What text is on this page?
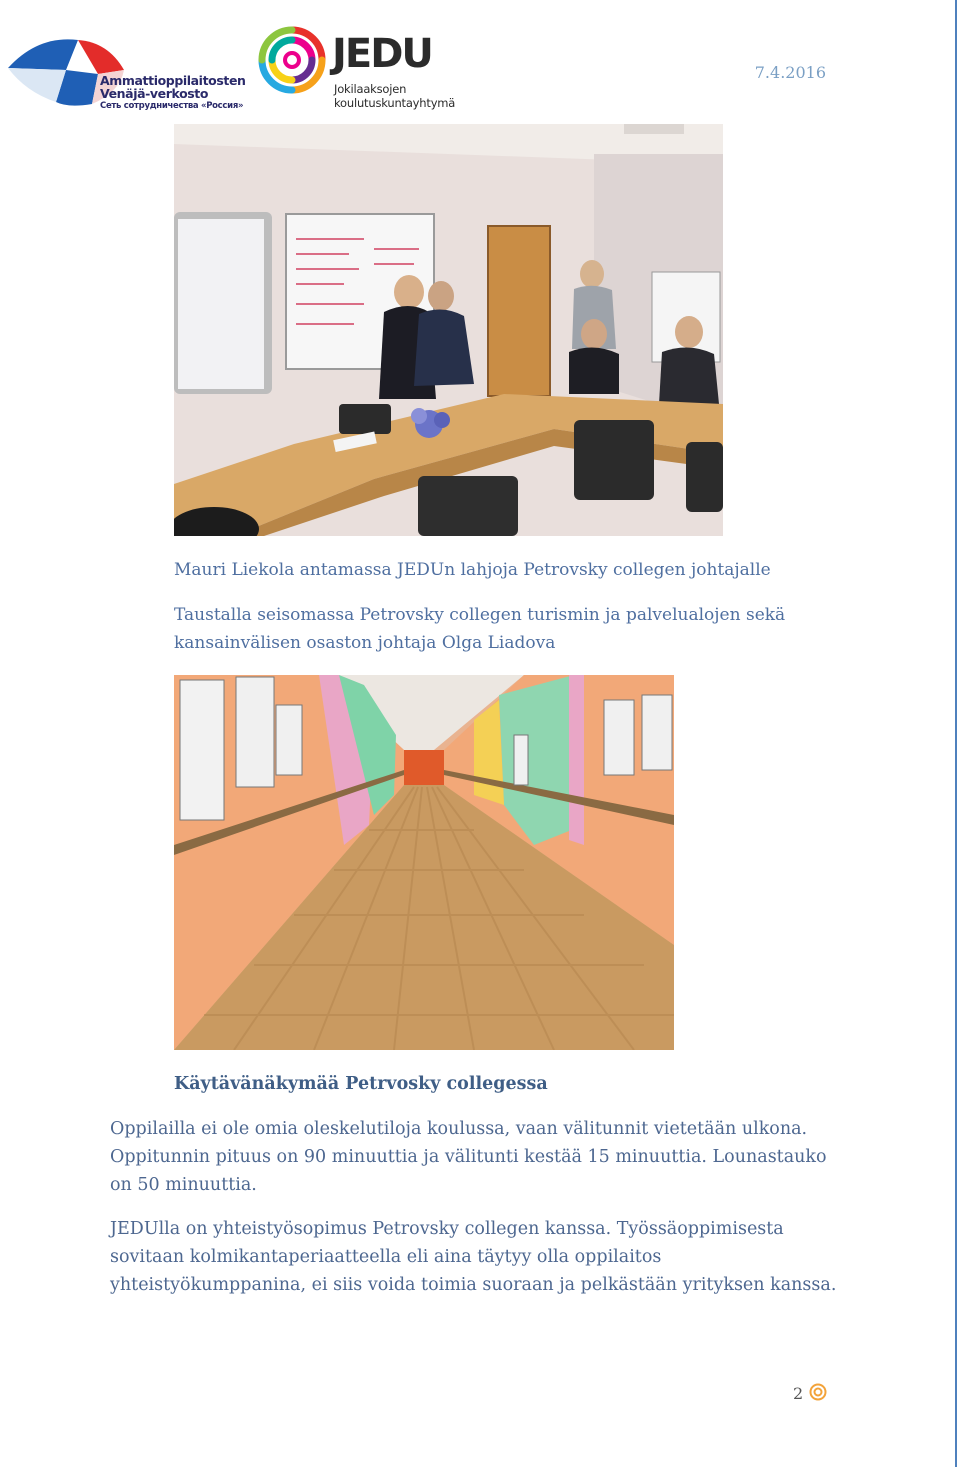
Ammattioppilaitosten
Venäjä-verkosto
Сеть сотрудничества «Россия»
JEDU
Jokilaaksojen
koulutuskuntayhtymä
7.4.2016
Mauri Liekola antamassa JEDUn lahjoja Petrovsky collegen johtajalle
Taustalla seisomassa Petrovsky collegen turismin ja palvelualojen sekä kansainvälisen osaston johtaja Olga Liadova
Käytävänäkymää Petrvosky collegessa
Oppilailla ei ole omia oleskelutiloja koulussa, vaan välitunnit vietetään ulkona. Oppitunnin pituus on 90 minuuttia ja välitunti kestää 15 minuuttia. Lounastauko on 50 minuuttia.
JEDUlla on yhteistyösopimus Petrovsky collegen kanssa. Työssäoppimisesta sovitaan kolmikantaperiaatteella eli aina täytyy olla oppilaitos yhteistyökumppanina, ei siis voida toimia suoraan ja pelkästään yrityksen kanssa.
2
